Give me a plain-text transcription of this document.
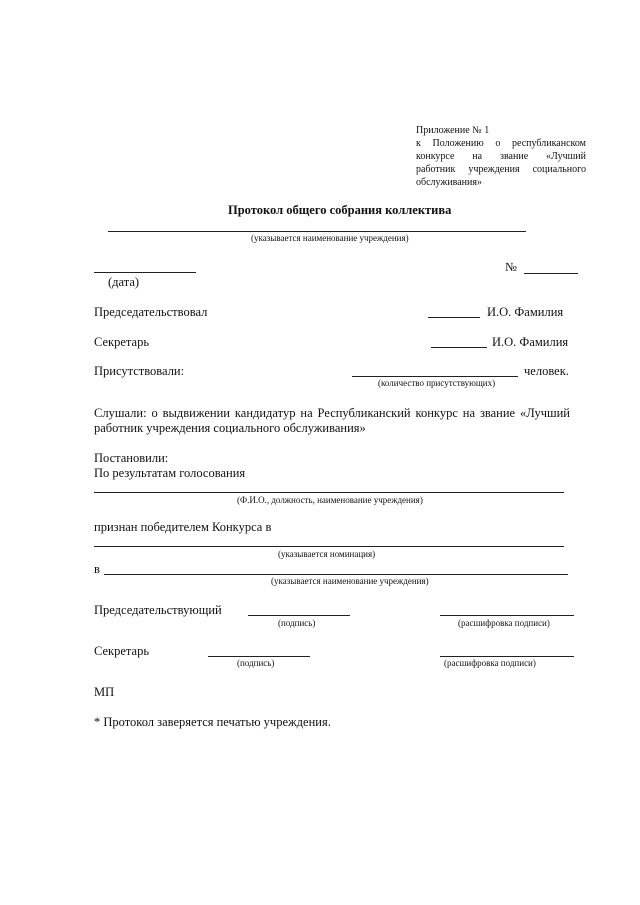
Приложение № 1
к Положению о республиканском
конкурсе на звание «Лучший
работник учреждения социального
обслуживания»
Протокол общего собрания коллектива
(указывается наименование учреждения)
(дата)
№
Председательствовал	И.О. Фамилия
Секретарь	И.О. Фамилия
Присутствовали:	человек.
(количество присутствующих)
Слушали: о выдвижении кандидатур на Республиканский конкурс на звание «Лучший работник учреждения социального обслуживания»
Постановили:
По результатам голосования
(Ф.И.О., должность, наименование учреждения)
признан победителем Конкурса в
(указывается номинация)
в
(указывается наименование учреждения)
Председательствующий
(подпись)	(расшифровка подписи)
Секретарь
(подпись)	(расшифровка подписи)
МП
* Протокол заверяется печатью учреждения.
